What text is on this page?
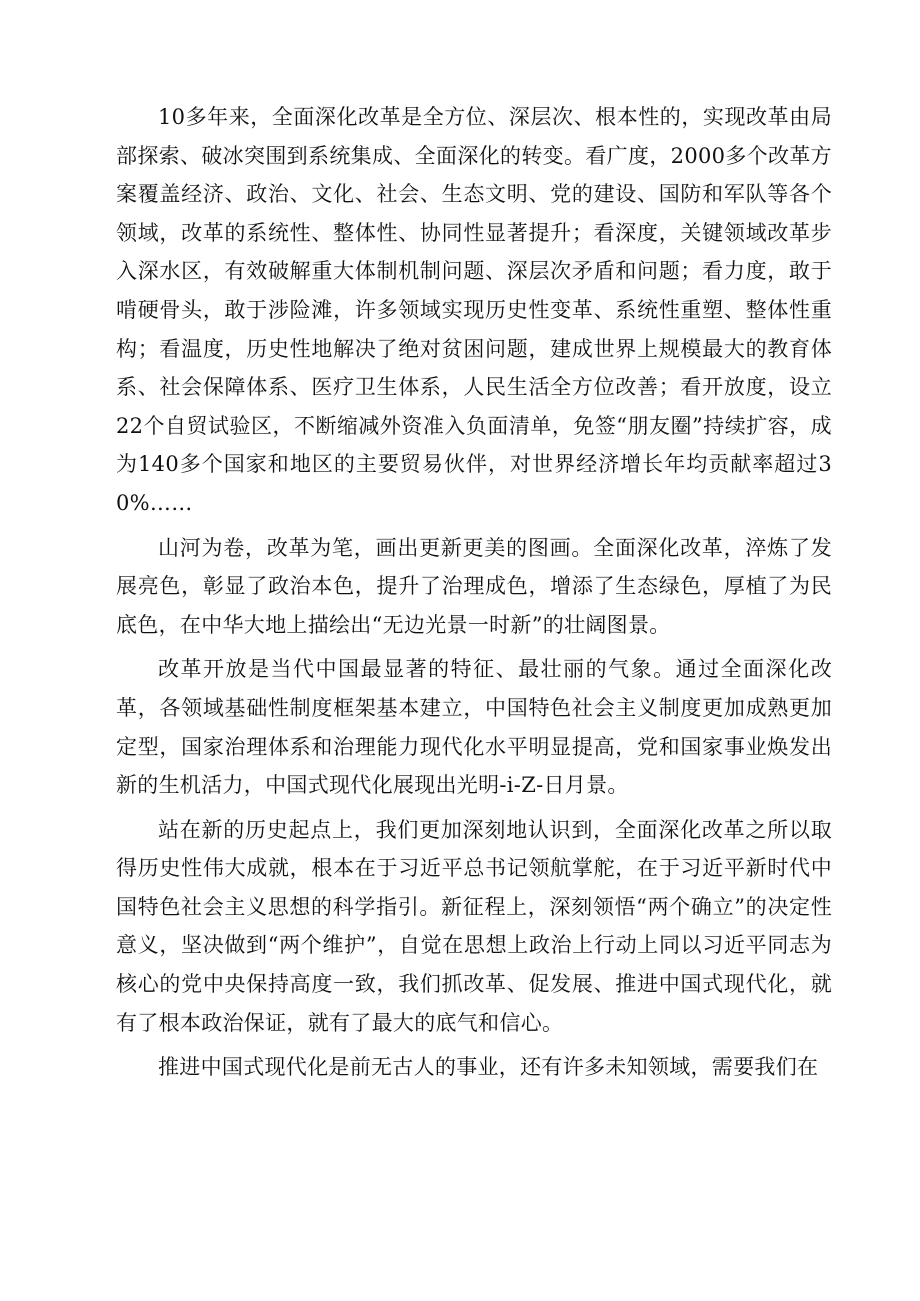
10多年来，全面深化改革是全方位、深层次、根本性的，实现改革由局部探索、破冰突围到系统集成、全面深化的转变。看广度，2000多个改革方案覆盖经济、政治、文化、社会、生态文明、党的建设、国防和军队等各个领域，改革的系统性、整体性、协同性显著提升；看深度，关键领域改革步入深水区，有效破解重大体制机制问题、深层次矛盾和问题；看力度，敢于啃硬骨头，敢于涉险滩，许多领域实现历史性变革、系统性重塑、整体性重构；看温度，历史性地解决了绝对贫困问题，建成世界上规模最大的教育体系、社会保障体系、医疗卫生体系，人民生活全方位改善；看开放度，设立22个自贸试验区，不断缩减外资准入负面清单，免签“朋友圈”持续扩容，成为140多个国家和地区的主要贸易伙伴，对世界经济增长年均贡献率超过30%……

山河为卷，改革为笔，画出更新更美的图画。全面深化改革，淬炼了发展亮色，彰显了政治本色，提升了治理成色，增添了生态绿色，厚植了为民底色，在中华大地上描绘出“无边光景一时新”的壮阔图景。

改革开放是当代中国最显著的特征、最壮丽的气象。通过全面深化改革，各领域基础性制度框架基本建立，中国特色社会主义制度更加成熟更加定型，国家治理体系和治理能力现代化水平明显提高，党和国家事业焕发出新的生机活力，中国式现代化展现出光明-i-Z-日月景。

站在新的历史起点上，我们更加深刻地认识到，全面深化改革之所以取得历史性伟大成就，根本在于习近平总书记领航掌舵，在于习近平新时代中国特色社会主义思想的科学指引。新征程上，深刻领悟“两个确立”的决定性意义，坚决做到“两个维护”，自觉在思想上政治上行动上同以习近平同志为核心的党中央保持高度一致，我们抓改革、促发展、推进中国式现代化，就有了根本政治保证，就有了最大的底气和信心。

推进中国式现代化是前无古人的事业，还有许多未知领域，需要我们在
